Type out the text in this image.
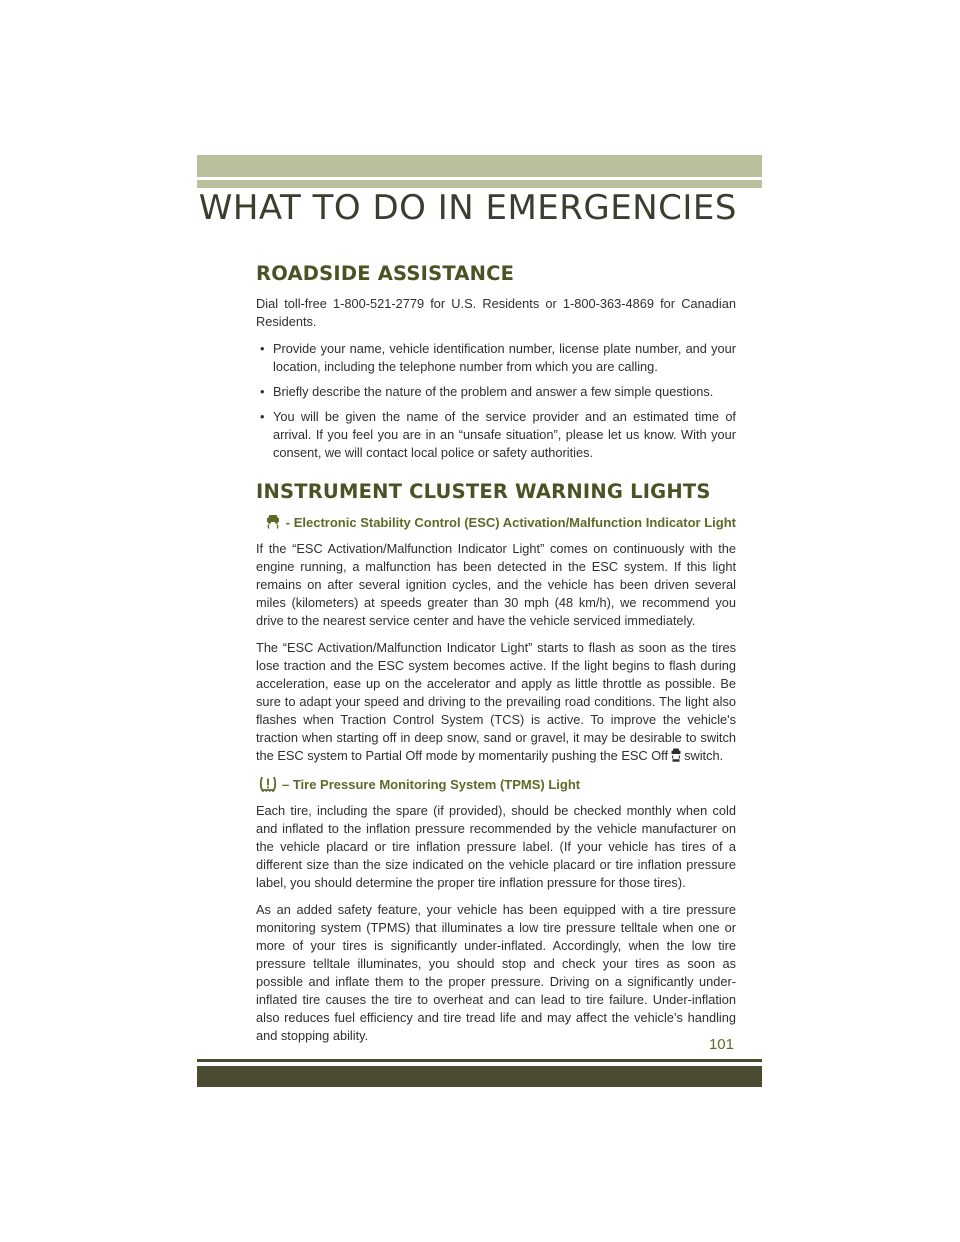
WHAT TO DO IN EMERGENCIES
ROADSIDE ASSISTANCE

Dial toll-free 1-800-521-2779 for U.S. Residents or 1-800-363-4869 for Canadian Residents.

• Provide your name, vehicle identification number, license plate number, and your location, including the telephone number from which you are calling.
• Briefly describe the nature of the problem and answer a few simple questions.
• You will be given the name of the service provider and an estimated time of arrival. If you feel you are in an “unsafe situation”, please let us know. With your consent, we will contact local police or safety authorities.
INSTRUMENT CLUSTER WARNING LIGHTS
- Electronic Stability Control (ESC) Activation/Malfunction Indicator Light

If the “ESC Activation/Malfunction Indicator Light” comes on continuously with the engine running, a malfunction has been detected in the ESC system. If this light remains on after several ignition cycles, and the vehicle has been driven several miles (kilometers) at speeds greater than 30 mph (48 km/h), we recommend you drive to the nearest service center and have the vehicle serviced immediately.

The “ESC Activation/Malfunction Indicator Light” starts to flash as soon as the tires lose traction and the ESC system becomes active. If the light begins to flash during acceleration, ease up on the accelerator and apply as little throttle as possible. Be sure to adapt your speed and driving to the prevailing road conditions. The light also flashes when Traction Control System (TCS) is active. To improve the vehicle's traction when starting off in deep snow, sand or gravel, it may be desirable to switch the ESC system to Partial Off mode by momentarily pushing the ESC Off switch.

– Tire Pressure Monitoring System (TPMS) Light

Each tire, including the spare (if provided), should be checked monthly when cold and inflated to the inflation pressure recommended by the vehicle manufacturer on the vehicle placard or tire inflation pressure label. (If your vehicle has tires of a different size than the size indicated on the vehicle placard or tire inflation pressure label, you should determine the proper tire inflation pressure for those tires).

As an added safety feature, your vehicle has been equipped with a tire pressure monitoring system (TPMS) that illuminates a low tire pressure telltale when one or more of your tires is significantly under-inflated. Accordingly, when the low tire pressure telltale illuminates, you should stop and check your tires as soon as possible and inflate them to the proper pressure. Driving on a significantly under-inflated tire causes the tire to overheat and can lead to tire failure. Under-inflation also reduces fuel efficiency and tire tread life and may affect the vehicle’s handling and stopping ability.

101
